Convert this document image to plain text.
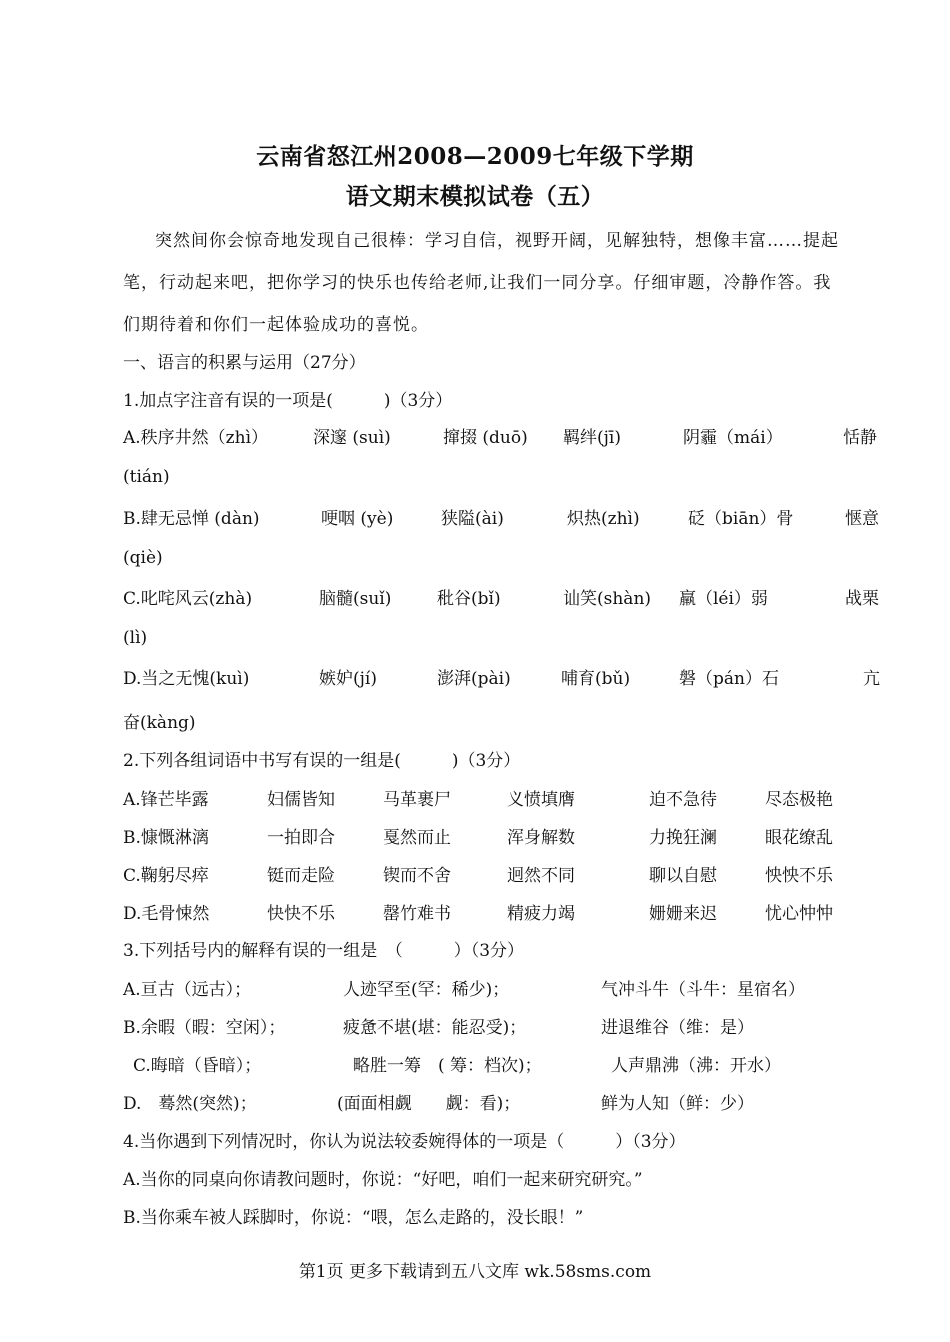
云南省怒江州2008—2009七年级下学期
语文期末模拟试卷（五）
突然间你会惊奇地发现自己很棒：学习自信，视野开阔，见解独特，想像丰富……提起
笔，行动起来吧，把你学习的快乐也传给老师,让我们一同分享。仔细审题，冷静作答。我
们期待着和你们一起体验成功的喜悦。
一、语言的积累与运用（27分）
1.加点字注音有误的一项是(　　　)（3分）
A.秩序井然（zhì）	深邃 (suì)	撺掇 (duō) 羁绊(jī)	阴霾（mái）	恬静
(tián)
B.肆无忌惮 (dàn)	哽咽 (yè)	狭隘(ài)	炽热(zhì)	砭（biān）骨	惬意
(qiè)
C.叱咤风云(zhà)	脑髓(suǐ)	秕谷(bǐ)	讪笑(shàn) 羸（léi）弱	战栗
(lì)
D.当之无愧(kuì)	嫉妒(jí)	澎湃(pài)	哺育(bǔ)	磐（pán）石	亢
奋(kàng)
2.下列各组词语中书写有误的一组是(　　　)（3分）
A.锋芒毕露	妇儒皆知	马革裹尸	义愤填膺	迫不急待	尽态极艳
B.慷慨淋漓	一拍即合	戛然而止	浑身解数	力挽狂澜	眼花缭乱
C.鞠躬尽瘁	铤而走险	锲而不舍	迥然不同	聊以自慰	怏怏不乐
D.毛骨悚然	快快不乐	罄竹难书	精疲力竭	姗姗来迟	忧心忡忡
3.下列括号内的解释有误的一组是　（　　　）（3分）
A.亘古（远古）；	人迹罕至(罕：稀少)；	气冲斗牛（斗牛：星宿名）
B.余暇（暇：空闲）；	疲惫不堪(堪：能忍受)；	进退维谷（维：是）
C.晦暗（昏暗）；	略胜一筹　( 筹：档次)；	人声鼎沸（沸：开水）
D.　蓦然(突然)；	(面面相觑　　觑：看)；	鲜为人知（鲜：少）
4.当你遇到下列情况时，你认为说法较委婉得体的一项是（　　　）（3分）
A.当你的同桌向你请教问题时，你说：“好吧，咱们一起来研究研究。”
B.当你乘车被人踩脚时，你说：“喂，怎么走路的，没长眼！”
第1页 更多下载请到五八文库 wk.58sms.com
